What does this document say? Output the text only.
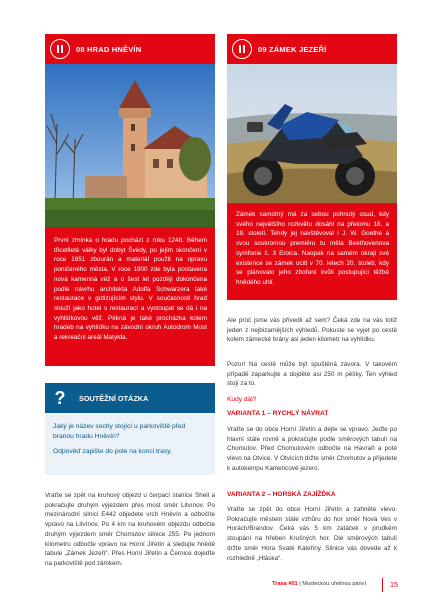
08 HRAD HNĚVÍN

První zmínka o hradu pochází z roku 1248. Během třicetileté války byl dobyt Švédy, po jejím skončení v roce 1651 zbourán a materiál použit na opravu poničeného města. V roce 1900 zde byla postavena nová kamenná věž a o šest let později dokončena podle návrhu architekta Adolfa Schwarzera také restaurace v gotizujícím stylu. V současnosti hrad slouží jako hotel s restaurací a vystoupat se dá i na vyhlídkovou věž. Pěkná je také procházka kolem hradeb na vyhlídku na závodní okruh Autodrom Most a rekreační areál Matylda.

?	SOUTĚŽNÍ OTÁZKA

Jaký je název sochy stojící u parkoviště před branou hradu Hněvín?

Odpověď zapište do pole na konci trasy.

Vraťte se zpět na kruhový objezd u čerpací stanice Shell a pokračujte druhým výjezdem přes most směr Litvínov. Po mezinárodní silnici E442 objedete vrch Hněvín a odbočíte vpravo na Litvínov. Po 4 km na kruhovém objezdu odbočte druhým výjezdem směr Chomutov silnice 255. Po jednom kilometru odbočte vpravo na Horní Jiřetín a sledujte hnědé tabule „Zámek Jezeří“. Přes Horní Jiřetín a Černice dojeďte na parkoviště pod zámkem.

09 ZÁMEK JEZEŘÍ

Zámek samotný má za sebou pohnutý osud, kdy svého největšího rozkvětu dosáhl na přelomu 18. a 19. století. Tehdy jej navštěvoval i J. W. Goethe a svou soukromou premiéru tu měla Beethovenova symfonie č. 3 Eroica. Naopak na samém okraji své existence se zámek ocitl v 70. letech 20. století, kdy se plánovalo jeho zboření kvůli postupující těžbě hnědého uhlí.

Ale proč jsme vás přivedli až sem? Čeká zde na vás totiž jeden z nejbizarnějších výhledů. Pokuste se vyjet po cestě kolem zámecké brány asi jeden kilometr na vyhlídku.

Pozor! Na cestě může být spuštěná závora. V takovém případě zaparkujte a dojděte asi 250 m pěšky. Ten výhled stojí za to.

Kudy dál?

VARIANTA 1 – RYCHLÝ NÁVRAT

Vraťte se do obce Horní Jiřetín a dejte se vpravo. Jeďte po hlavní stále rovně a pokračujte podle směrových tabulí na Chomutov. Před Chomutovem odbočte na Havraň a poté vlevo na Otvice. V Otvicích držte směr Chomutov a přijedete k autokempu Kamencové jezero.

VARIANTA 2 – HORSKÁ ZAJÍŽĎKA

Vraťte se zpět do obce Horní Jiřetín a zahněte vlevo. Pokračujte městem stále vzhůru do hor směr Nová Ves v Horách/Brandov. Čeká vás 5 km zatáček v prudkém stoupání na hřeben Krušných hor. Dle směrových tabulí držte směr Hora Svaté Kateřiny. Silnice vás dovede až k rozhledně „Hláska“.

Trasa #01 | Mosteckou uhelnou pánví	15
